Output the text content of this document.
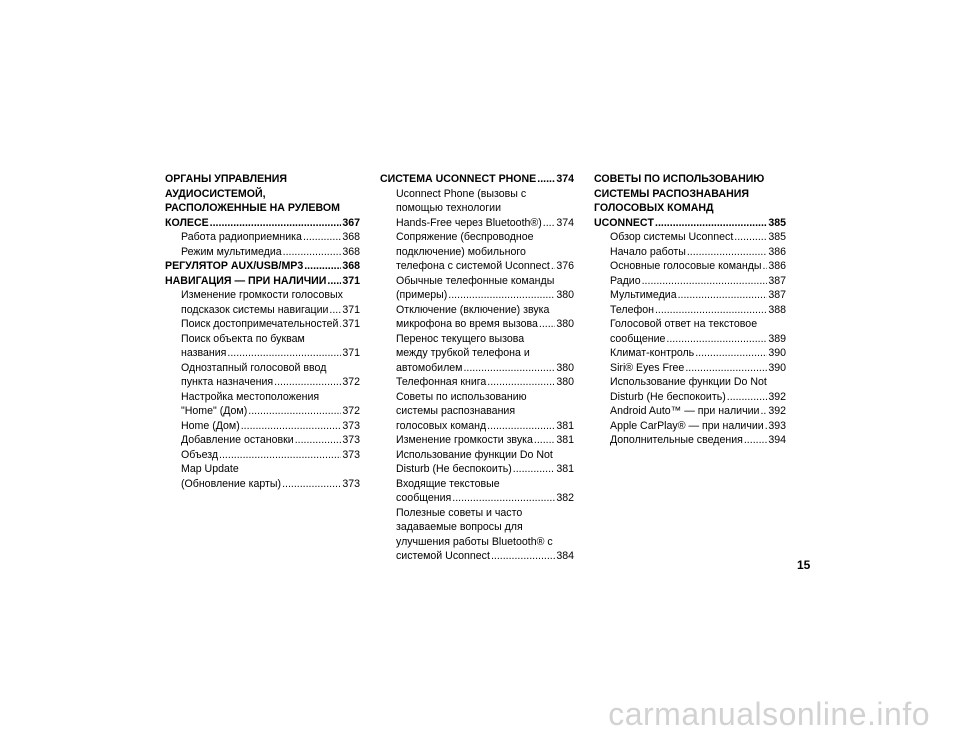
ОРГАНЫ УПРАВЛЕНИЯ
АУДИОСИСТЕМОЙ,
РАСПОЛОЖЕННЫЕ НА РУЛЕВОМ
КОЛЕСЕ .....	367
Работа радиоприемника .....	368
Режим мультимедиа .....	368
РЕГУЛЯТОР AUX/USB/MP3 .....	368
НАВИГАЦИЯ — ПРИ НАЛИЧИИ ..... 371
Изменение громкости голосовых
подсказок системы навигации ..... 371
Поиск достопримечательностей ..... 371
Поиск объекта по буквам
названия .....	371
Однозтапный голосовой ввод
пункта назначения .....	372
Настройка местоположения
"Home" (Дом) .....	372
Home (Дом) .....	373
Добавление остановки .....	373
Объезд .....	373
Map Update
(Обновление карты) .....	373
СИСТЕМА UCONNECT PHONE ..... 374
Uconnect Phone (вызовы с
помощью технологии
Hands-Free через Bluetooth®) ..... 374
Сопряжение (беспроводное
подключение) мобильного
телефона с системой Uconnect ..... 376
Обычные телефонные команды
(примеры) .....	380
Отключение (включение) звука
микрофона во время вызова ..... 380
Перенос текущего вызова
между трубкой телефона и
автомобилем .....	380
Телефонная книга .....	380
Советы по использованию
системы распознавания
голосовых команд .....	381
Изменение громкости звука ..... 381
Использование функции Do Not
Disturb (Не беспокоить) .....	381
Входящие текстовые
сообщения .....	382
Полезные советы и часто
задаваемые вопросы для
улучшения работы Bluetooth® с
системой Uconnect .....	384
СОВЕТЫ ПО ИСПОЛЬЗОВАНИЮ
СИСТЕМЫ РАСПОЗНАВАНИЯ
ГОЛОСОВЫХ КОМАНД
UCONNECT .....	385
Обзор системы Uconnect .....	385
Начало работы .....	386
Основные голосовые команды ..... 386
Радио .....	387
Мультимедиа .....	387
Телефон .....	388
Голосовой ответ на текстовое
сообщение .....	389
Климат-контроль .....	390
Siri® Eyes Free .....	390
Использование функции Do Not
Disturb (Не беспокоить) .....	392
Android Auto™ — при наличии ..... 392
Apple CarPlay® — при наличии ..... 393
Дополнительные сведения ..... 394
15
carmanualsonline.info
